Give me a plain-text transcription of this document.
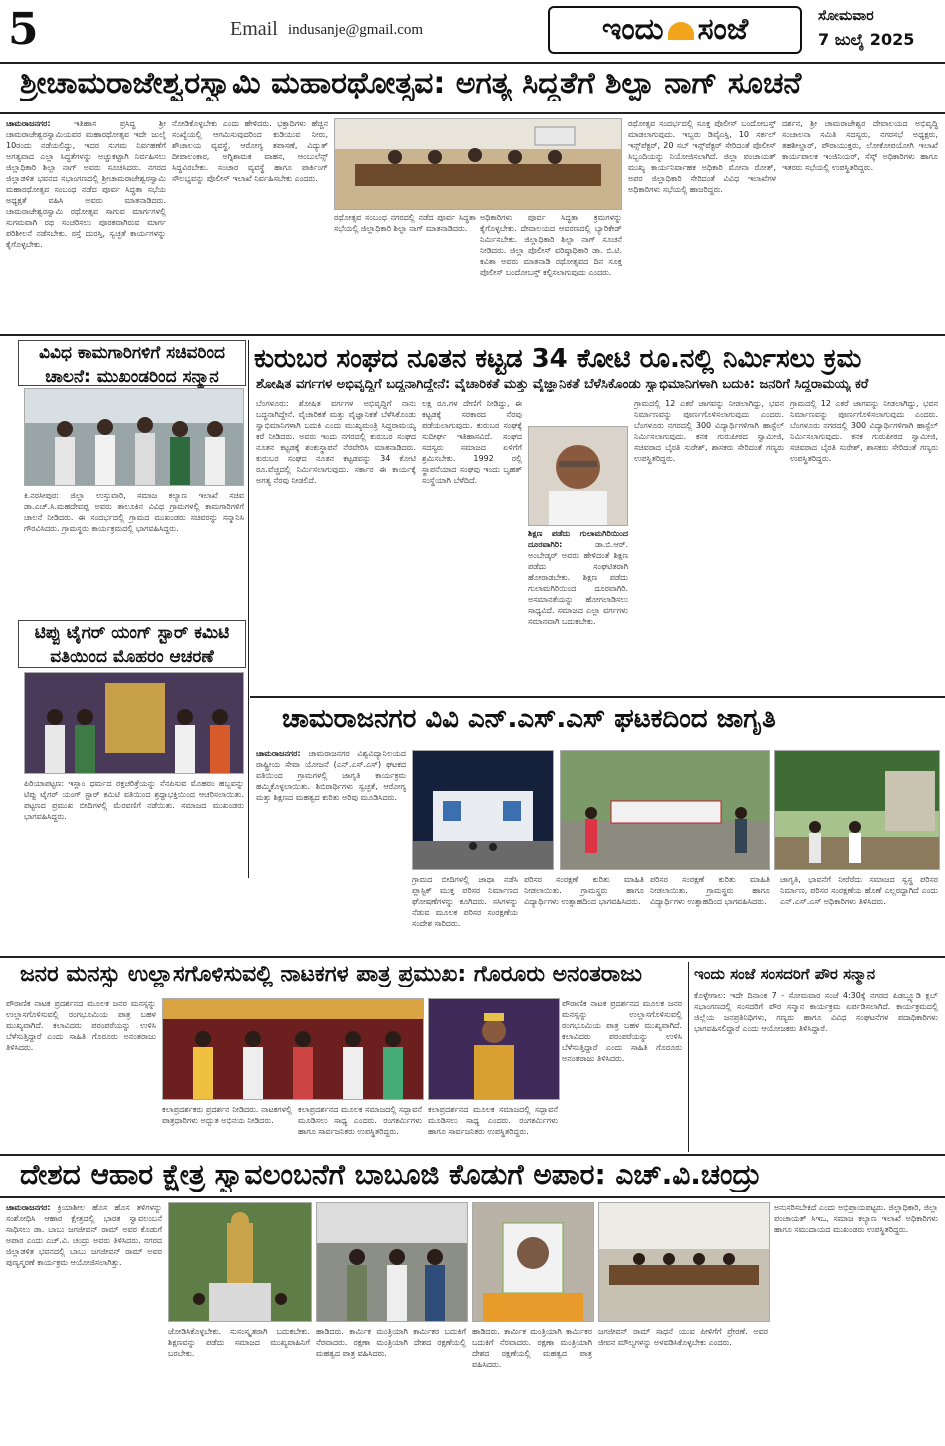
5	Email indusanje@gmail.com	ಇಂದು ಸಂಜೆ	ಸೋಮವಾರ
7 ಜುಲೈ 2025
ಶ್ರೀಚಾಮರಾಜೇಶ್ವರಸ್ವಾಮಿ ಮಹಾರಥೋತ್ಸವ: ಅಗತ್ಯ ಸಿದ್ಧತೆಗೆ ಶಿಲ್ಪಾ ನಾಗ್ ಸೂಚನೆ
ಚಾಮರಾಜನಗರ:	ಇತಿಹಾಸ ಪ್ರಸಿದ್ಧ ಶ್ರೀ ಚಾಮರಾಜೇಶ್ವರಸ್ವಾಮಿಯವರ ಮಹಾರಥೋತ್ಸವ ಇದೇ ಜುಲೈ 10ರಂದು ನಡೆಯಲಿದ್ದು, ಇದರ ಸುಗಮ ನಿರ್ವಹಣೆಗೆ ಅಗತ್ಯವಾದ ಎಲ್ಲಾ ಸಿದ್ಧತೆಗಳನ್ನು ಅಚ್ಚುಕಟ್ಟಾಗಿ ನಿರ್ವಹಿಸಲು ಜಿಲ್ಲಾಧಿಕಾರಿ ಶಿಲ್ಪಾ ನಾಗ್ ಅವರು ಸೂಚಿಸಿದರು. ನಗರದ ಜಿಲ್ಲಾಡಳಿತ ಭವನದ ಸಭಾಂಗಣದಲ್ಲಿ ಶ್ರೀಚಾಮರಾಜೇಶ್ವರಸ್ವಾಮಿ ಮಹಾರಥೋತ್ಸವ ಸಂಬಂಧ ನಡೆದ ಪೂರ್ವ ಸಿದ್ಧತಾ ಸಭೆಯ ಅಧ್ಯಕ್ಷತೆ ವಹಿಸಿ ಅವರು ಮಾತನಾಡಿದರು. ಚಾಮರಾಜೇಶ್ವರಸ್ವಾಮಿ ರಥೋತ್ಸವ ಸಾಗುವ ಮಾರ್ಗಗಳಲ್ಲಿ ಸುಗಮವಾಗಿ ರಥ ಸಂಚರಿಸಲು ಪೂರಕವಾಗಿರುವ ಮಾರ್ಗ ಪರಿಶೀಲನೆ ನಡೆಸಬೇಕು. ರಸ್ತೆ ದುರಸ್ತಿ, ಸ್ವಚ್ಛತೆ ಕಾರ್ಯಗಳನ್ನು ಕೈಗೊಳ್ಳಬೇಕು.
ನೋಡಿಕೊಳ್ಳಬೇಕು ಎಂದು ಹೇಳಿದರು. ಭಕ್ತಾದಿಗಳು ಹೆಚ್ಚಿನ ಸಂಖ್ಯೆಯಲ್ಲಿ ಆಗಮಿಸುವುದರಿಂದ ಕುಡಿಯುವ ನೀರು, ಶೌಚಾಲಯ ವ್ಯವಸ್ಥೆ, ಆರೋಗ್ಯ ತಪಾಸಣೆ, ವಿದ್ಯುತ್ ದೀಪಾಲಂಕಾರ, ಅಗ್ನಿಶಾಮಕ ವಾಹನ, ಆಂಬುಲೆನ್ಸ್ ಸಿದ್ಧವಿರಬೇಕು. ಸಂಚಾರ ವ್ಯವಸ್ಥೆ ಹಾಗೂ ಪಾರ್ಕಿಂಗ್ ಸೌಲಭ್ಯವನ್ನು ಪೊಲೀಸ್ ಇಲಾಖೆ ನಿರ್ವಹಿಸಬೇಕು ಎಂದರು.
ರಥೋತ್ಸವ ಸಂಬಂಧ ನಗರದಲ್ಲಿ ನಡೆದ ಪೂರ್ವ ಸಿದ್ಧತಾ ಸಭೆಯಲ್ಲಿ ಜಿಲ್ಲಾಧಿಕಾರಿ ಶಿಲ್ಪಾ ನಾಗ್ ಮಾತನಾಡಿದರು.
ಅಧಿಕಾರಿಗಳು ಪೂರ್ವ ಸಿದ್ಧತಾ ಕ್ರಮಗಳನ್ನು ಕೈಗೊಳ್ಳಬೇಕು. ದೇವಾಲಯದ ಆವರಣದಲ್ಲಿ ಬ್ಯಾರಿಕೇಡ್ ನಿರ್ಮಿಸಬೇಕು. ಜಿಲ್ಲಾಧಿಕಾರಿ ಶಿಲ್ಪಾ ನಾಗ್ ಸೂಚನೆ ನೀಡಿದರು. ಜಿಲ್ಲಾ ಪೊಲೀಸ್ ವರಿಷ್ಠಾಧಿಕಾರಿ ಡಾ. ಬಿ.ಟಿ. ಕವಿತಾ ಅವರು ಮಾತನಾಡಿ ರಥೋತ್ಸವದ ದಿನ ಸೂಕ್ತ ಪೊಲೀಸ್ ಬಂದೋಬಸ್ತ್ ಕಲ್ಪಿಸಲಾಗುವುದು ಎಂದರು.
ರಥೋತ್ಸವ ಸಂದರ್ಭದಲ್ಲಿ ಸೂಕ್ತ ಪೊಲೀಸ್ ಬಂದೋಬಸ್ತ್ ಮಾಡಲಾಗುವುದು. ಇಬ್ಬರು ಡಿವೈಎಸ್ಪಿ, 10 ಸರ್ಕಲ್ ಇನ್ಸ್‌ಪೆಕ್ಟರ್, 20 ಸಬ್ ಇನ್ಸ್‌ಪೆಕ್ಟರ್ ಸೇರಿದಂತೆ ಪೊಲೀಸ್ ಸಿಬ್ಬಂದಿಯನ್ನು ನಿಯೋಜಿಸಲಾಗಿದೆ. ಜಿಲ್ಲಾ ಪಂಚಾಯತ್ ಮುಖ್ಯ ಕಾರ್ಯನಿರ್ವಾಹಕ ಅಧಿಕಾರಿ ಮೋನಾ ರೋತ್, ಅಪರ ಜಿಲ್ಲಾಧಿಕಾರಿ ಸೇರಿದಂತೆ ವಿವಿಧ ಇಲಾಖೆಗಳ ಅಧಿಕಾರಿಗಳು ಸಭೆಯಲ್ಲಿ ಹಾಜರಿದ್ದರು.
ದರ್ಶನ, ಶ್ರೀ ಚಾಮರಾಜೇಶ್ವರ ದೇವಾಲಯದ ಅಭಿವೃದ್ಧಿ ಸಂಚಾಲನಾ ಸಮಿತಿ ಸದಸ್ಯರು, ನಗರಸಭೆ ಅಧ್ಯಕ್ಷರು, ತಹಶೀಲ್ದಾರ್, ಪೌರಾಯುಕ್ತರು, ಲೋಕೋಪಯೋಗಿ ಇಲಾಖೆ ಕಾರ್ಯಪಾಲಕ ಇಂಜಿನಿಯರ್, ಸೆಸ್ಕ್ ಅಧಿಕಾರಿಗಳು ಹಾಗೂ ಇತರರು ಸಭೆಯಲ್ಲಿ ಉಪಸ್ಥಿತರಿದ್ದರು.
ವಿವಿಧ ಕಾಮಗಾರಿಗಳಿಗೆ ಸಚಿವರಿಂದ
ಚಾಲನೆ: ಮುಖಂಡರಿಂದ ಸನ್ಮಾನ
ಕಿ.ನರಸೀಪುರ: ಜಿಲ್ಲಾ ಉಸ್ತುವಾರಿ, ಸಮಾಜ ಕಲ್ಯಾಣ ಇಲಾಖೆ ಸಚಿವ ಡಾ.ಎಚ್.ಸಿ.ಮಹದೇವಪ್ಪ ಅವರು ತಾಲೂಕಿನ ವಿವಿಧ ಗ್ರಾಮಗಳಲ್ಲಿ ಕಾಮಗಾರಿಗಳಿಗೆ ಚಾಲನೆ ನೀಡಿದರು. ಈ ಸಂದರ್ಭದಲ್ಲಿ ಗ್ರಾಮದ ಮುಖಂಡರು ಸಚಿವರನ್ನು ಸನ್ಮಾನಿಸಿ ಗೌರವಿಸಿದರು. ಗ್ರಾಮಸ್ಥರು ಕಾರ್ಯಕ್ರಮದಲ್ಲಿ ಭಾಗವಹಿಸಿದ್ದರು.
ಟಿಪ್ಪು ಟೈಗರ್ ಯಂಗ್ ಸ್ಟಾರ್ ಕಮಿಟಿ
ವತಿಯಿಂದ ಮೊಹರಂ ಆಚರಣೆ
ಪಿರಿಯಾಪಟ್ಟಣ: ಇಸ್ಲಾಂ ಧರ್ಮದ ರಕ್ತಚರಿತ್ರೆಯನ್ನು ನೆನಪಿಸುವ ಮೊಹರಂ ಹಬ್ಬವನ್ನು ಟಿಪ್ಪು ಟೈಗರ್ ಯಂಗ್ ಸ್ಟಾರ್ ಕಮಿಟಿ ವತಿಯಿಂದ ಶ್ರದ್ಧಾಭಕ್ತಿಯಿಂದ ಆಚರಿಸಲಾಯಿತು. ಪಟ್ಟಣದ ಪ್ರಮುಖ ಬೀದಿಗಳಲ್ಲಿ ಮೆರವಣಿಗೆ ನಡೆಯಿತು. ಸಮಾಜದ ಮುಖಂಡರು ಭಾಗವಹಿಸಿದ್ದರು.
ಕುರುಬರ ಸಂಘದ ನೂತನ ಕಟ್ಟಡ 34 ಕೋಟಿ ರೂ.ನಲ್ಲಿ ನಿರ್ಮಿಸಲು ಕ್ರಮ
ಶೋಷಿತ ವರ್ಗಗಳ ಅಭಿವೃದ್ಧಿಗೆ ಬದ್ಧನಾಗಿದ್ದೇನೆ: ವೈಚಾರಿಕತೆ ಮತ್ತು ವೈಜ್ಞಾನಿಕತೆ ಬೆಳೆಸಿಕೊಂಡು ಸ್ವಾಭಿಮಾನಿಗಳಾಗಿ ಬದುಕಿ: ಜನರಿಗೆ ಸಿದ್ದರಾಮಯ್ಯ ಕರೆ
ಬೆಂಗಳೂರು: ಶೋಷಿತ ವರ್ಗಗಳ ಅಭಿವೃದ್ಧಿಗೆ ನಾನು ಬದ್ಧನಾಗಿದ್ದೇನೆ. ವೈಚಾರಿಕತೆ ಮತ್ತು ವೈಜ್ಞಾನಿಕತೆ ಬೆಳೆಸಿಕೊಂಡು ಸ್ವಾಭಿಮಾನಿಗಳಾಗಿ ಬದುಕಿ ಎಂದು ಮುಖ್ಯಮಂತ್ರಿ ಸಿದ್ದರಾಮಯ್ಯ ಕರೆ ನೀಡಿದರು. ಅವರು ಇಂದು ನಗರದಲ್ಲಿ ಕುರುಬರ ಸಂಘದ ನೂತನ ಕಟ್ಟಡಕ್ಕೆ ಶಂಕುಸ್ಥಾಪನೆ ನೆರವೇರಿಸಿ ಮಾತನಾಡಿದರು. ಕುರುಬರ ಸಂಘದ ನೂತನ ಕಟ್ಟಡವನ್ನು 34 ಕೋಟಿ ರೂ.ವೆಚ್ಚದಲ್ಲಿ ನಿರ್ಮಿಸಲಾಗುವುದು. ಸರ್ಕಾರ ಈ ಕಾರ್ಯಕ್ಕೆ ಅಗತ್ಯ ನೆರವು ನೀಡಲಿದೆ.
ಲಕ್ಷ ರೂ.ಗಳ ದೇಣಿಗೆ ನೀಡಿದ್ದು, ಈ ಕಟ್ಟಡಕ್ಕೆ ಸರಕಾರದ ನೆರವು ಪಡೆಯಲಾಗುವುದು. ಕುರುಬರ ಸಂಘಕ್ಕೆ ಸುದೀರ್ಘ ಇತಿಹಾಸವಿದೆ. ಸಂಘದ ಸದಸ್ಯರು ಸಮಾಜದ ಏಳಿಗೆಗೆ ಶ್ರಮಿಸಬೇಕು. 1992 ರಲ್ಲಿ ಸ್ಥಾಪನೆಯಾದ ಸಂಘವು ಇಂದು ಬೃಹತ್ ಸಂಸ್ಥೆಯಾಗಿ ಬೆಳೆದಿದೆ.
ಶಿಕ್ಷಣ ಪಡೆದು ಗುಲಾಮಗಿರಿಯಿಂದ ದೂರವಾಗಿರಿ:	ಡಾ.ಬಿ.ಆರ್. ಅಂಬೇಡ್ಕರ್ ಅವರು ಹೇಳಿದಂತೆ ಶಿಕ್ಷಣ ಪಡೆದು ಸಂಘಟಿತರಾಗಿ ಹೋರಾಡಬೇಕು. ಶಿಕ್ಷಣ ಪಡೆದು ಗುಲಾಮಗಿರಿಯಿಂದ ದೂರವಾಗಿರಿ. ಅಸಮಾನತೆಯನ್ನು ಹೋಗಲಾಡಿಸಲು ಸಾಧ್ಯವಿದೆ. ಸಮಾಜದ ಎಲ್ಲಾ ವರ್ಗಗಳು ಸಮಾನವಾಗಿ ಬದುಕಬೇಕು.
ಗ್ರಾಮದಲ್ಲಿ 12 ಎಕರೆ ಜಾಗವನ್ನು ನೀಡಲಾಗಿದ್ದು, ಭವನ ನಿರ್ಮಾಣವನ್ನು ಪೂರ್ಣಗೊಳಿಸಲಾಗುವುದು ಎಂದರು. ಬೆಂಗಳೂರು ನಗರದಲ್ಲಿ 300 ವಿದ್ಯಾರ್ಥಿಗಳಿಗಾಗಿ ಹಾಸ್ಟೆಲ್ ನಿರ್ಮಿಸಲಾಗುವುದು. ಕನಕ ಗುರುಪೀಠದ ಸ್ವಾಮೀಜಿ, ಸಚಿವರಾದ ಬೈರತಿ ಸುರೇಶ್, ಶಾಸಕರು ಸೇರಿದಂತೆ ಗಣ್ಯರು ಉಪಸ್ಥಿತರಿದ್ದರು.
ಗ್ರಾಮದಲ್ಲಿ 12 ಎಕರೆ ಜಾಗವನ್ನು ನೀಡಲಾಗಿದ್ದು, ಭವನ ನಿರ್ಮಾಣವನ್ನು ಪೂರ್ಣಗೊಳಿಸಲಾಗುವುದು ಎಂದರು. ಬೆಂಗಳೂರು ನಗರದಲ್ಲಿ 300 ವಿದ್ಯಾರ್ಥಿಗಳಿಗಾಗಿ ಹಾಸ್ಟೆಲ್ ನಿರ್ಮಿಸಲಾಗುವುದು. ಕನಕ ಗುರುಪೀಠದ ಸ್ವಾಮೀಜಿ, ಸಚಿವರಾದ ಬೈರತಿ ಸುರೇಶ್, ಶಾಸಕರು ಸೇರಿದಂತೆ ಗಣ್ಯರು ಉಪಸ್ಥಿತರಿದ್ದರು.
ಚಾಮರಾಜನಗರ ವಿವಿ ಎನ್.ಎಸ್.ಎಸ್ ಘಟಕದಿಂದ ಜಾಗೃತಿ
ಚಾಮರಾಜನಗರ: ಚಾಮರಾಜನಗರ ವಿಶ್ವವಿದ್ಯಾನಿಲಯದ ರಾಷ್ಟ್ರೀಯ ಸೇವಾ ಯೋಜನೆ (ಎನ್.ಎಸ್.ಎಸ್) ಘಟಕದ ವತಿಯಿಂದ ಗ್ರಾಮಗಳಲ್ಲಿ ಜಾಗೃತಿ ಕಾರ್ಯಕ್ರಮ ಹಮ್ಮಿಕೊಳ್ಳಲಾಯಿತು. ಶಿಬಿರಾರ್ಥಿಗಳು ಸ್ವಚ್ಛತೆ, ಆರೋಗ್ಯ ಮತ್ತು ಶಿಕ್ಷಣದ ಮಹತ್ವದ ಕುರಿತು ಅರಿವು ಮೂಡಿಸಿದರು.
ಗ್ರಾಮದ ಬೀದಿಗಳಲ್ಲಿ ಜಾಥಾ ನಡೆಸಿ ಪ್ಲಾಸ್ಟಿಕ್ ಮುಕ್ತ ಪರಿಸರ ನಿರ್ಮಾಣದ ಘೋಷಣೆಗಳನ್ನು ಕೂಗಿದರು. ಸಸಿಗಳನ್ನು ನೆಡುವ ಮೂಲಕ ಪರಿಸರ ಸಂರಕ್ಷಣೆಯ ಸಂದೇಶ ಸಾರಿದರು.
ಪರಿಸರ ಸಂರಕ್ಷಣೆ ಕುರಿತು ಮಾಹಿತಿ ನೀಡಲಾಯಿತು. ಗ್ರಾಮಸ್ಥರು ಹಾಗೂ ವಿದ್ಯಾರ್ಥಿಗಳು ಉತ್ಸಾಹದಿಂದ ಭಾಗವಹಿಸಿದರು.
ಪರಿಸರ ಸಂರಕ್ಷಣೆ ಕುರಿತು ಮಾಹಿತಿ ನೀಡಲಾಯಿತು. ಗ್ರಾಮಸ್ಥರು ಹಾಗೂ ವಿದ್ಯಾರ್ಥಿಗಳು ಉತ್ಸಾಹದಿಂದ ಭಾಗವಹಿಸಿದರು.
ಜಾಗೃತಿ, ಭಾವನೆಗೆ ನೀರೆರೆದು ಸಮಾಜದ ಸ್ವಸ್ಥ ಪರಿಸರ ನಿರ್ಮಾಣ, ಪರಿಸರ ಸಂರಕ್ಷಣೆಯ ಹೊಣೆ ಎಲ್ಲರದ್ದಾಗಿದೆ ಎಂದು ಎನ್.ಎಸ್.ಎಸ್ ಅಧಿಕಾರಿಗಳು ತಿಳಿಸಿದರು.
ಜನರ ಮನಸ್ಸು ಉಲ್ಲಾಸಗೊಳಿಸುವಲ್ಲಿ ನಾಟಕಗಳ ಪಾತ್ರ ಪ್ರಮುಖ: ಗೊರೂರು ಅನಂತರಾಜು
ಪೌರಾಣಿಕ ನಾಟಕ ಪ್ರದರ್ಶನದ ಮೂಲಕ ಜನರ ಮನಸ್ಸನ್ನು ಉಲ್ಲಾಸಗೊಳಿಸುವಲ್ಲಿ ರಂಗಭೂಮಿಯ ಪಾತ್ರ ಬಹಳ ಮುಖ್ಯವಾಗಿದೆ. ಕಲಾವಿದರು ಪರಂಪರೆಯನ್ನು ಉಳಿಸಿ ಬೆಳೆಸುತ್ತಿದ್ದಾರೆ ಎಂದು ಸಾಹಿತಿ ಗೊರೂರು ಅನಂತರಾಜು ತಿಳಿಸಿದರು.
ಕಲಾಪ್ರದರ್ಶಕರು ಪ್ರದರ್ಶನ ನೀಡಿದರು. ನಾಟಕಗಳಲ್ಲಿ ಪಾತ್ರಧಾರಿಗಳು ಅದ್ಭುತ ಅಭಿನಯ ನೀಡಿದರು.
ಕಲಾಪ್ರದರ್ಶನದ ಮೂಲಕ ಸಮಾಜದಲ್ಲಿ ಸದ್ಭಾವನೆ ಮೂಡಿಸಲು ಸಾಧ್ಯ ಎಂದರು. ರಂಗಕರ್ಮಿಗಳು ಹಾಗೂ ಸಾರ್ವಜನಿಕರು ಉಪಸ್ಥಿತರಿದ್ದರು.
ಕಲಾಪ್ರದರ್ಶನದ ಮೂಲಕ ಸಮಾಜದಲ್ಲಿ ಸದ್ಭಾವನೆ ಮೂಡಿಸಲು ಸಾಧ್ಯ ಎಂದರು. ರಂಗಕರ್ಮಿಗಳು ಹಾಗೂ ಸಾರ್ವಜನಿಕರು ಉಪಸ್ಥಿತರಿದ್ದರು.
ಪೌರಾಣಿಕ ನಾಟಕ ಪ್ರದರ್ಶನದ ಮೂಲಕ ಜನರ ಮನಸ್ಸನ್ನು ಉಲ್ಲಾಸಗೊಳಿಸುವಲ್ಲಿ ರಂಗಭೂಮಿಯ ಪಾತ್ರ ಬಹಳ ಮುಖ್ಯವಾಗಿದೆ. ಕಲಾವಿದರು ಪರಂಪರೆಯನ್ನು ಉಳಿಸಿ ಬೆಳೆಸುತ್ತಿದ್ದಾರೆ ಎಂದು ಸಾಹಿತಿ ಗೊರೂರು ಅನಂತರಾಜು ತಿಳಿಸಿದರು.
ಇಂದು ಸಂಜೆ ಸಂಸದರಿಗೆ ಪೌರ ಸನ್ಮಾನ
ಕೊಳ್ಳೇಗಾಲ: ಇದೇ ದಿನಾಂಕ 7 - ಸೋಮವಾರ ಸಂಜೆ 4:30ಕ್ಕೆ ನಗರದ ಪಿಡಬ್ಲ್ಯೂಡಿ ಕ್ಲಬ್ ಸಭಾಂಗಣದಲ್ಲಿ ಸಂಸದರಿಗೆ ಪೌರ ಸನ್ಮಾನ ಕಾರ್ಯಕ್ರಮ ಏರ್ಪಡಿಸಲಾಗಿದೆ. ಕಾರ್ಯಕ್ರಮದಲ್ಲಿ ಜಿಲ್ಲೆಯ ಜನಪ್ರತಿನಿಧಿಗಳು, ಗಣ್ಯರು ಹಾಗೂ ವಿವಿಧ ಸಂಘಟನೆಗಳ ಪದಾಧಿಕಾರಿಗಳು ಭಾಗವಹಿಸಲಿದ್ದಾರೆ ಎಂದು ಆಯೋಜಕರು ತಿಳಿಸಿದ್ದಾರೆ.
ದೇಶದ ಆಹಾರ ಕ್ಷೇತ್ರ ಸ್ವಾವಲಂಬನೆಗೆ ಬಾಬೂಜಿ ಕೊಡುಗೆ ಅಪಾರ: ಎಚ್.ವಿ.ಚಂದ್ರು
ಚಾಮರಾಜನಗರ: ಕ್ರಿಯಾಶೀಲ ಹೊಸ ಹೊಸ ತಳಿಗಳನ್ನು ಸಂಶೋಧಿಸಿ ಆಹಾರ ಕ್ಷೇತ್ರದಲ್ಲಿ ಭಾರತ ಸ್ವಾವಲಂಬನೆ ಸಾಧಿಸಲು ಡಾ. ಬಾಬು ಜಗಜೀವನ್ ರಾಮ್ ಅವರ ಕೊಡುಗೆ ಅಪಾರ ಎಂದು ಎಚ್.ವಿ. ಚಂದ್ರು ಅವರು ತಿಳಿಸಿದರು. ನಗರದ ಜಿಲ್ಲಾಡಳಿತ ಭವನದಲ್ಲಿ ಬಾಬು ಜಗಜೀವನ್ ರಾಮ್ ಅವರ ಪುಣ್ಯಸ್ಮರಣೆ ಕಾರ್ಯಕ್ರಮ ಆಯೋಜಿಸಲಾಗಿತ್ತು.
ಜೋಡಿಸಿಕೊಳ್ಳಬೇಕು. ಸುಸಂಸ್ಕೃತರಾಗಿ ಬದುಕಬೇಕು. ಶಿಕ್ಷಣವನ್ನು ಪಡೆದು ಸಮಾಜದ ಮುಖ್ಯವಾಹಿನಿಗೆ ಬರಬೇಕು.
ಹಾಡಿದರು. ಕಾರ್ಮಿಕ ಮಂತ್ರಿಯಾಗಿ ಕಾರ್ಮಿಕರ ಬದುಕಿಗೆ ನೆರವಾದರು. ರಕ್ಷಣಾ ಮಂತ್ರಿಯಾಗಿ ದೇಶದ ರಕ್ಷಣೆಯಲ್ಲಿ ಮಹತ್ವದ ಪಾತ್ರ ವಹಿಸಿದರು.
ಹಾಡಿದರು. ಕಾರ್ಮಿಕ ಮಂತ್ರಿಯಾಗಿ ಕಾರ್ಮಿಕರ ಬದುಕಿಗೆ ನೆರವಾದರು. ರಕ್ಷಣಾ ಮಂತ್ರಿಯಾಗಿ ದೇಶದ ರಕ್ಷಣೆಯಲ್ಲಿ ಮಹತ್ವದ ಪಾತ್ರ ವಹಿಸಿದರು.
ಜಗಜೀವನ್ ರಾಮ್ ಸಾಧನೆ ಯುವ ಪೀಳಿಗೆಗೆ ಪ್ರೇರಣೆ. ಅವರ ಜೀವನ ಮೌಲ್ಯಗಳನ್ನು ಅಳವಡಿಸಿಕೊಳ್ಳಬೇಕು ಎಂದರು.
ಅನುಸರಿಸಬೇಕಿದೆ ಎಂದು ಅಭಿಪ್ರಾಯಪಟ್ಟರು. ಜಿಲ್ಲಾಧಿಕಾರಿ, ಜಿಲ್ಲಾ ಪಂಚಾಯತ್ ಸಿಇಒ, ಸಮಾಜ ಕಲ್ಯಾಣ ಇಲಾಖೆ ಅಧಿಕಾರಿಗಳು ಹಾಗೂ ಸಮುದಾಯದ ಮುಖಂಡರು ಉಪಸ್ಥಿತರಿದ್ದರು.
